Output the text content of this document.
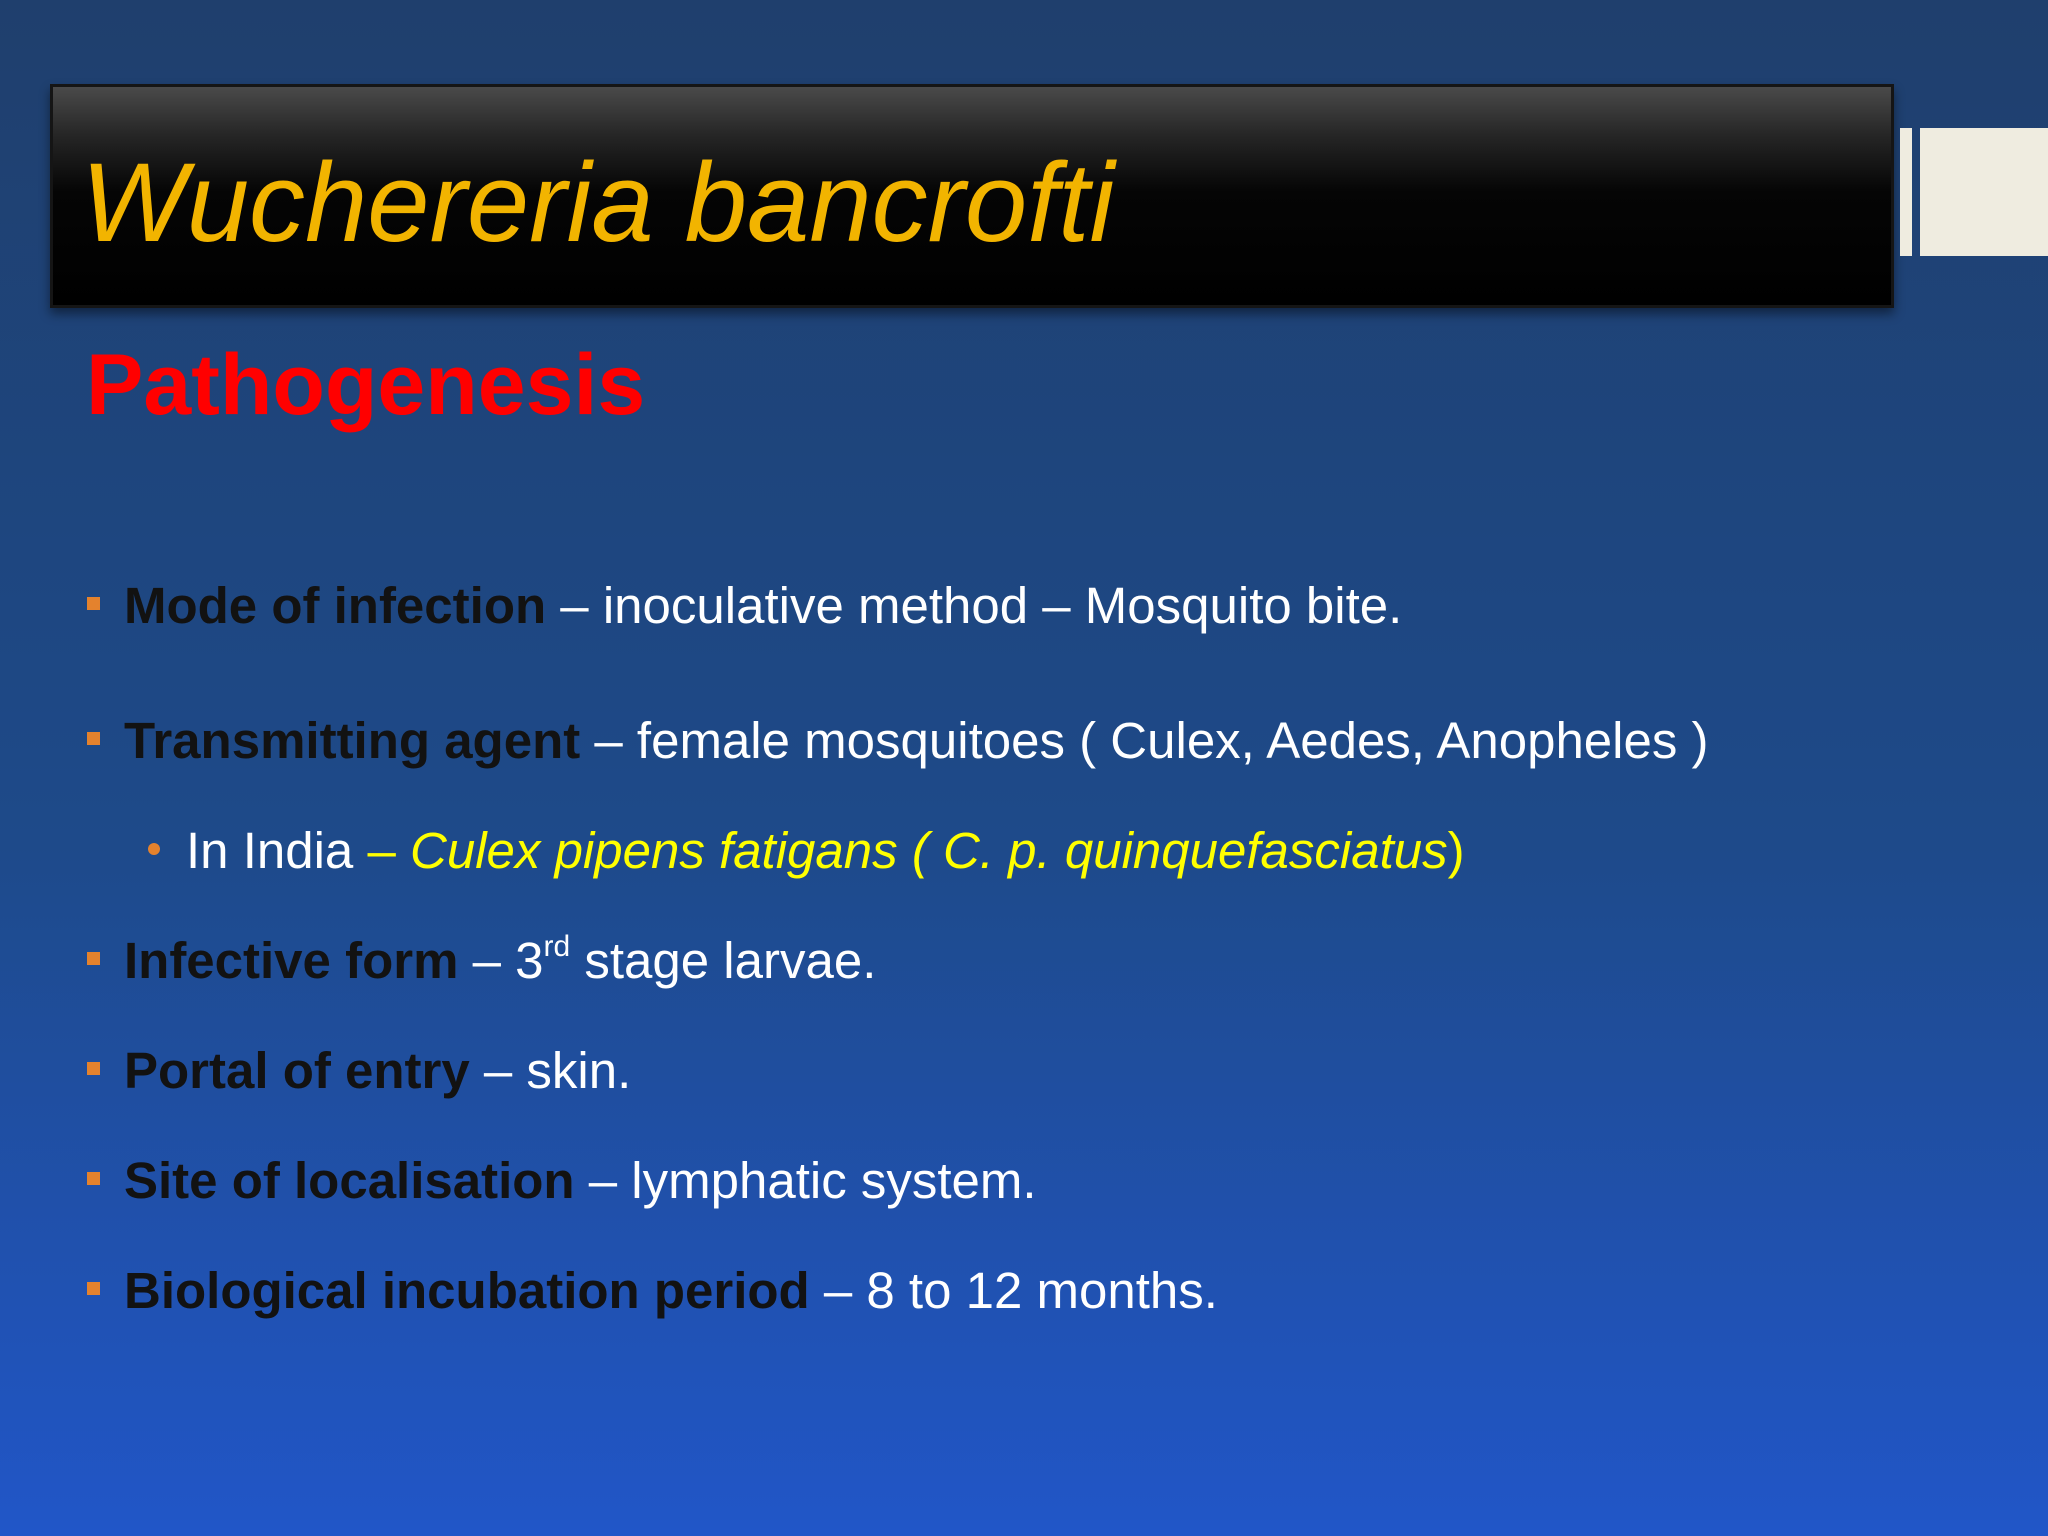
Wuchereria bancrofti
Pathogenesis
Mode of infection – inoculative method – Mosquito bite.
Transmitting agent – female mosquitoes ( Culex, Aedes, Anopheles )
In India – Culex pipens fatigans ( C. p. quinquefasciatus)
Infective form – 3rd stage larvae.
Portal of entry – skin.
Site of localisation – lymphatic system.
Biological incubation period – 8 to 12 months.
